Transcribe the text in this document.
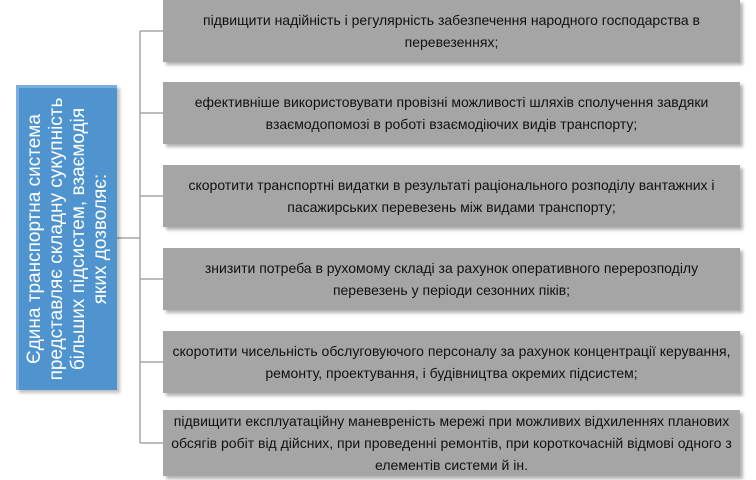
Єдина транспортна система представляє складну сукупність більших підсистем, взаємодія яких дозволяє:
підвищити надійність і регулярність забезпечення народного господарства в перевезеннях;
ефективніше використовувати провізні можливості шляхів сполучення завдяки взаємодопомозі в роботі взаємодіючих видів транспорту;
скоротити транспортні видатки в результаті раціонального розподілу вантажних і пасажирських перевезень між видами транспорту;
знизити потреба в рухомому складі за рахунок оперативного перерозподілу перевезень у періоди сезонних піків;
скоротити чисельність обслуговуючого персоналу за рахунок концентрації керування, ремонту, проектування, і будівництва окремих підсистем;
підвищити експлуатаційну маневреність мережі при можливих відхиленнях планових обсягів робіт від дійсних, при проведенні ремонтів, при короткочасній відмові одного з елементів системи й ін.
